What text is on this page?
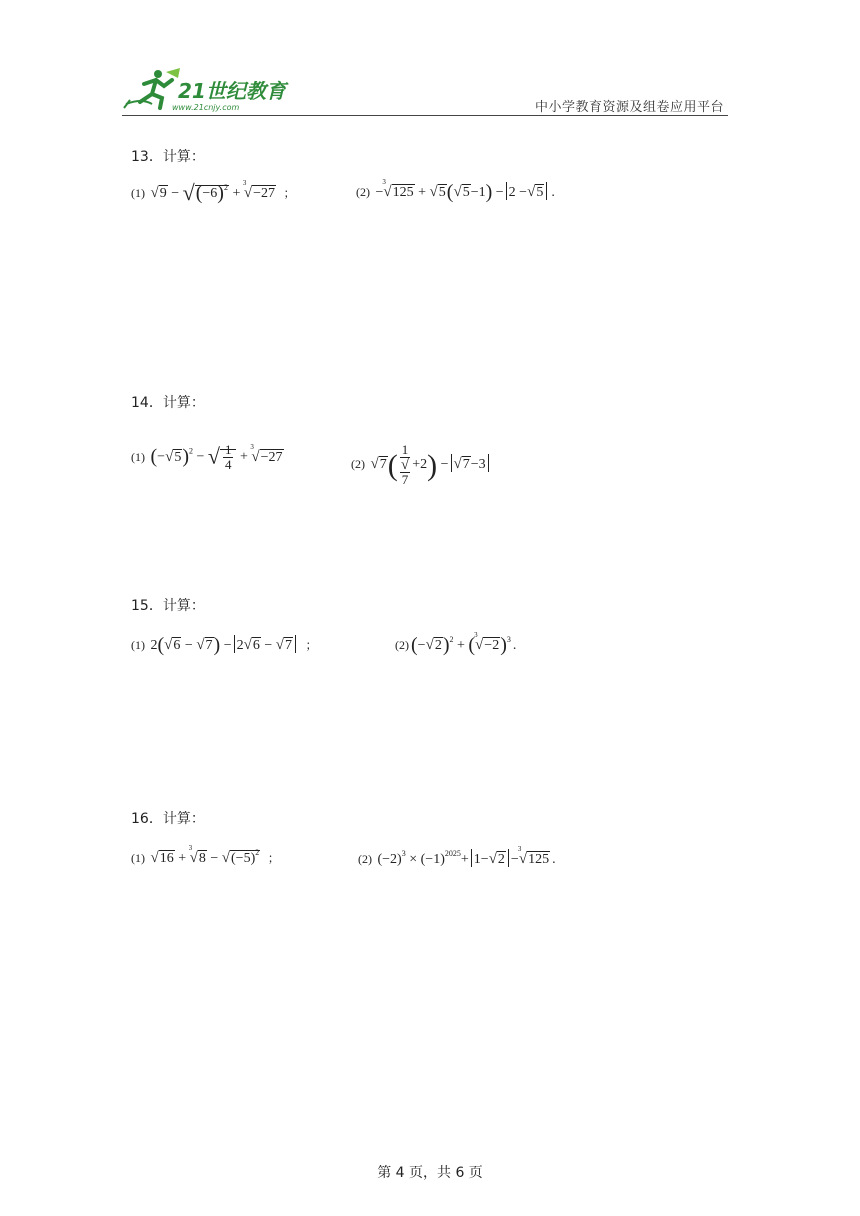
21世纪教育
www.21cnjy.com	中小学教育资源及组卷应用平台
13．计算：
(1) $√9 - √(-6)^2$ +
3
√−27 ；	(2) −
3
√125 + √5(√5−1) − 2 −√5 .
14．计算：
(1) $(-√5)^2$ − √ $\frac{1}{4}$ +
3
√−27	(2) √7( 1
√
7 +2) − √7−3
15．计算：
(1) 2(√6 − √7) − 2√6 − √7 ；	(2) $(-√2)^2$ + ( 3
√−2)$^3$ .
16．计算：
(1) √16 +
3
$√8 - √(-5)^2$ ；	(2) $(-2)^3 \times (-1)^{2025}+ 1-√2$ −
3
√125 .
第 4 页，共 6 页
